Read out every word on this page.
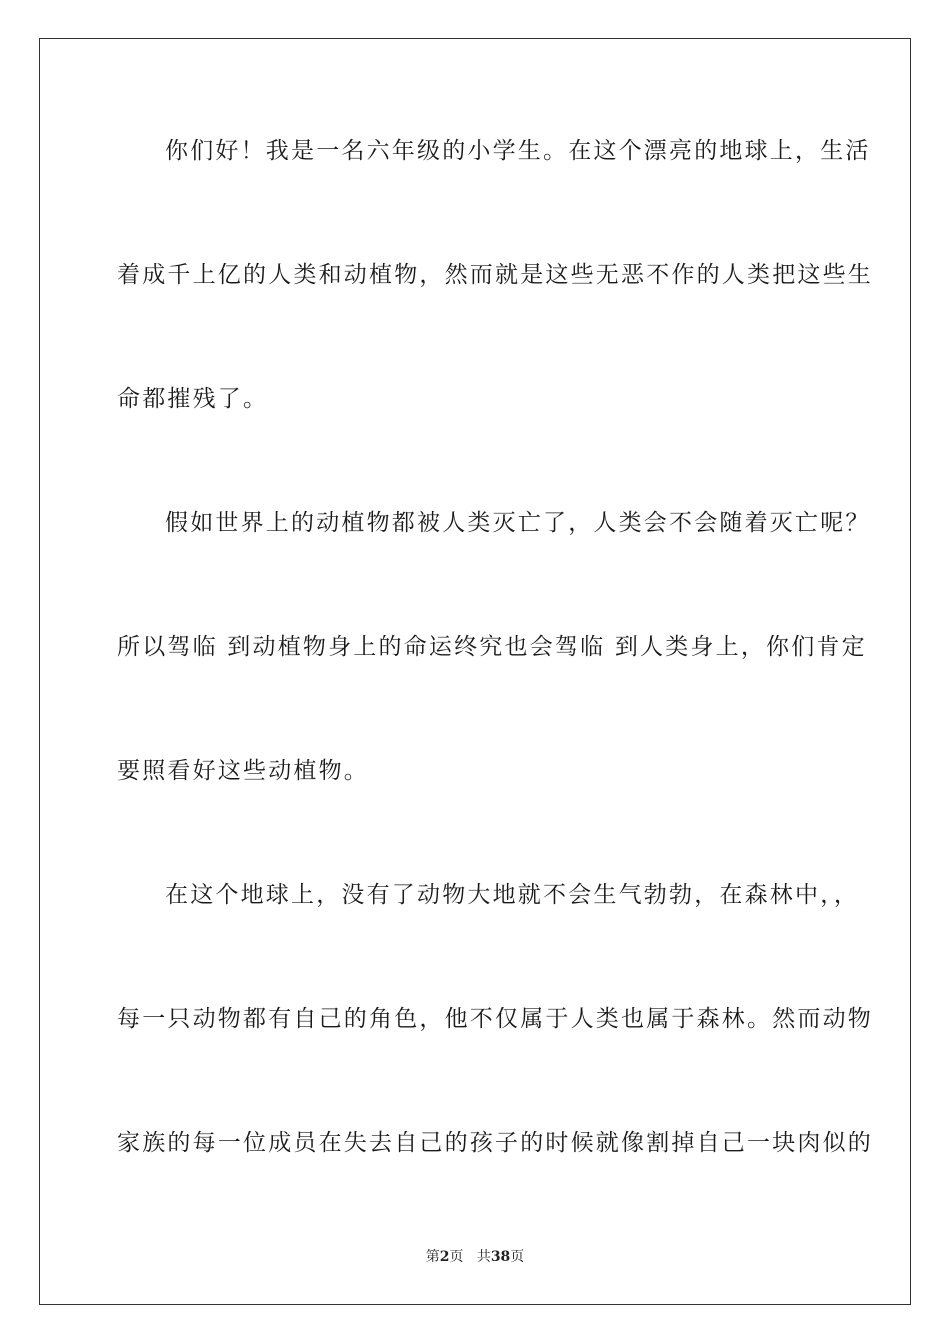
你们好！我是一名六年级的小学生。在这个漂亮的地球上，生活
着成千上亿的人类和动植物，然而就是这些无恶不作的人类把这些生
命都摧残了。
假如世界上的动植物都被人类灭亡了，人类会不会随着灭亡呢？
所以驾临 到动植物身上的命运终究也会驾临 到人类身上，你们肯定
要照看好这些动植物。
在这个地球上，没有了动物大地就不会生气勃勃，在森林中，，
每一只动物都有自己的角色，他不仅属于人类也属于森林。然而动物
家族的每一位成员在失去自己的孩子的时候就像割掉自己一块肉似的
第2页 共38页
